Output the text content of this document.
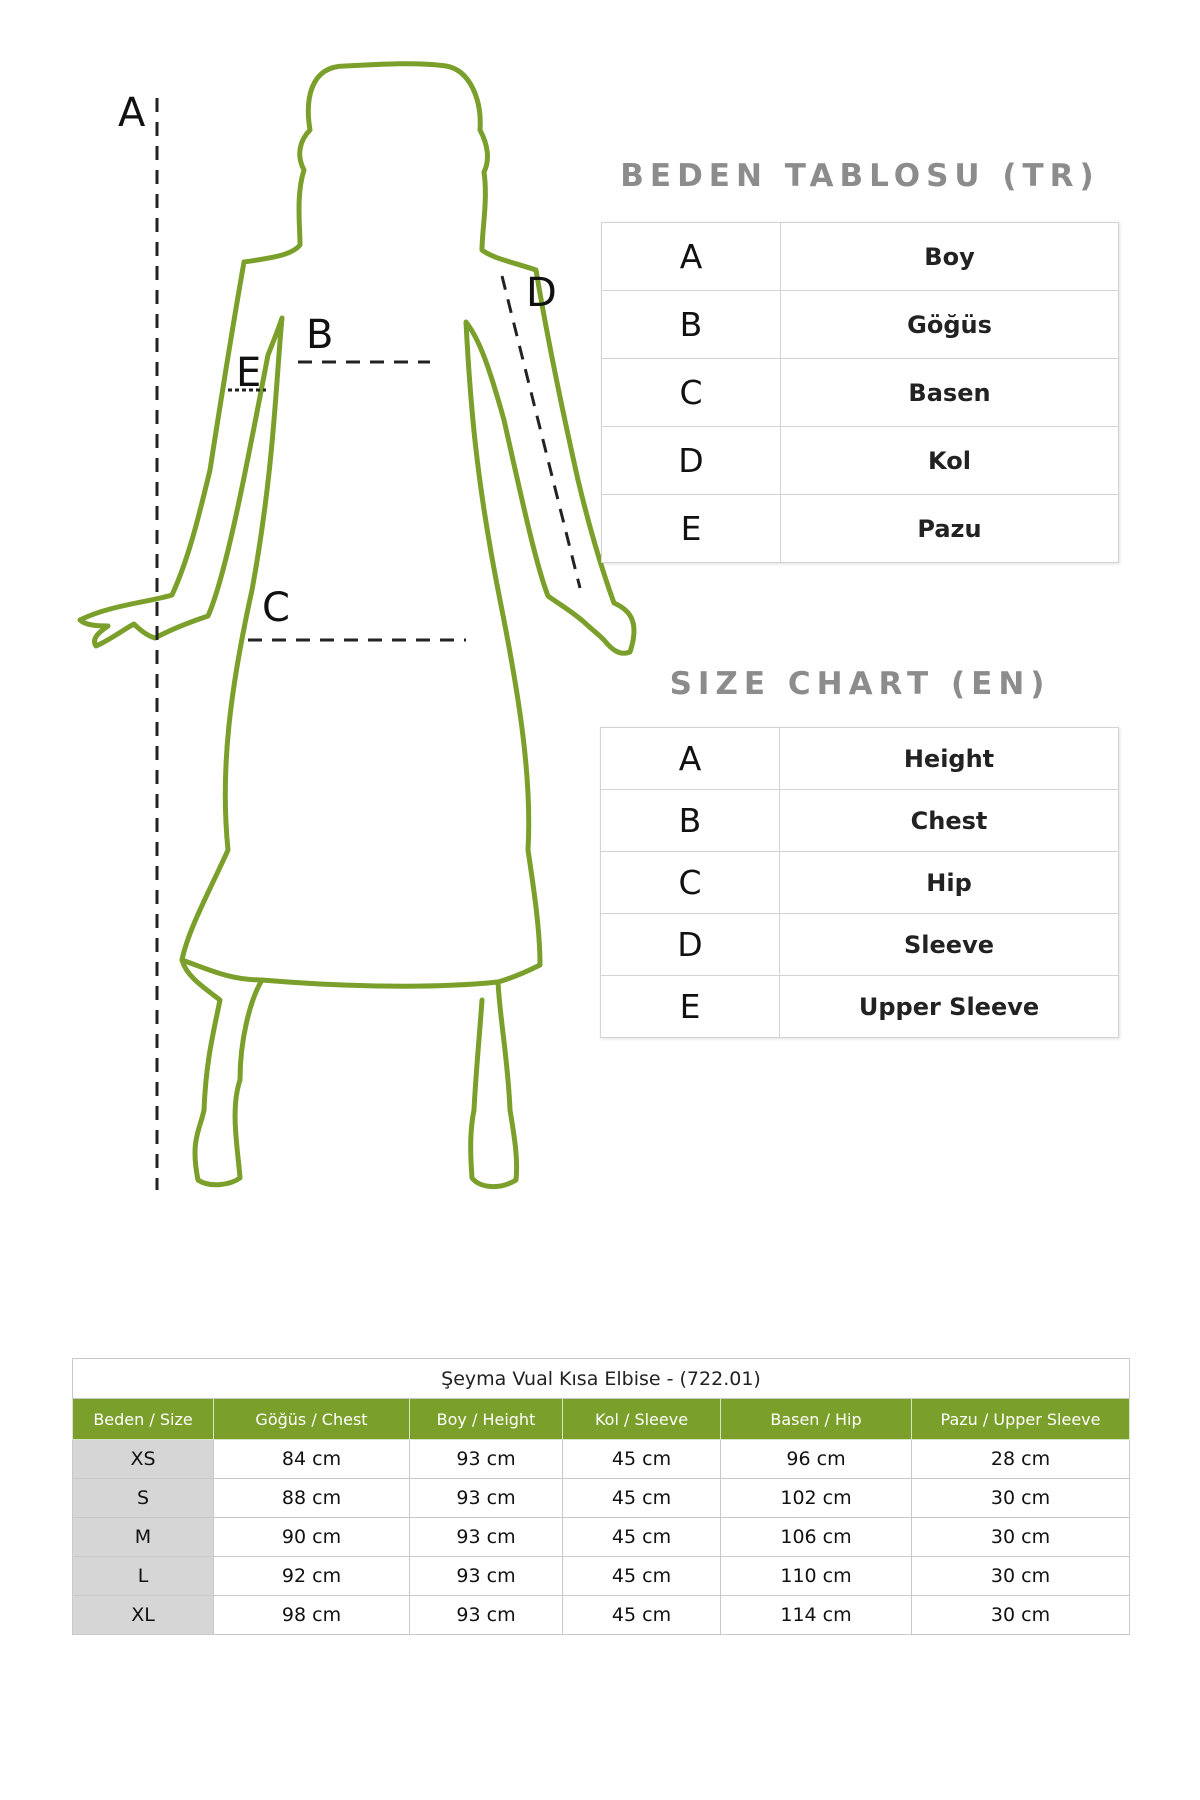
A
B
C
D
E
BEDEN TABLOSU (TR)
A	Boy
B	Göğüs
C	Basen
D	Kol
E	Pazu
SIZE CHART (EN)
A	Height
B	Chest
C	Hip
D	Sleeve
E	Upper Sleeve
Şeyma Vual Kısa Elbise - (722.01)					
Beden / Size	Göğüs / Chest	Boy / Height	Kol / Sleeve	Basen / Hip	Pazu / Upper Sleeve
XS	84 cm	93 cm	45 cm	96 cm	28 cm
S	88 cm	93 cm	45 cm	102 cm	30 cm
M	90 cm	93 cm	45 cm	106 cm	30 cm
L	92 cm	93 cm	45 cm	110 cm	30 cm
XL	98 cm	93 cm	45 cm	114 cm	30 cm
